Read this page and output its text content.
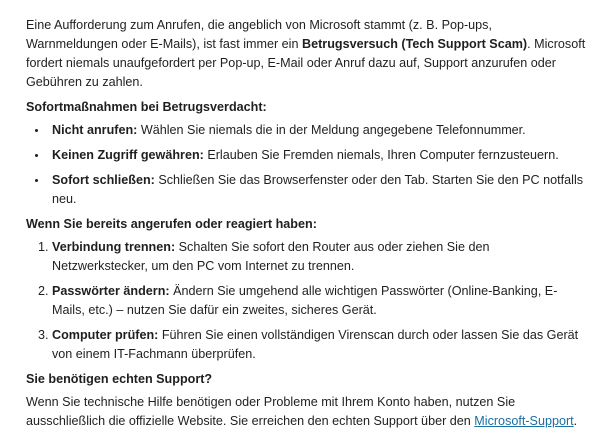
Eine Aufforderung zum Anrufen, die angeblich von Microsoft stammt (z. B. Pop-ups, Warnmeldungen oder E-Mails), ist fast immer ein Betrugsversuch (Tech Support Scam). Microsoft fordert niemals unaufgefordert per Pop-up, E-Mail oder Anruf dazu auf, Support anzurufen oder Gebühren zu zahlen.

Sofortmaßnahmen bei Betrugsverdacht:

Nicht anrufen: Wählen Sie niemals die in der Meldung angegebene Telefonnummer.
Keinen Zugriff gewähren: Erlauben Sie Fremden niemals, Ihren Computer fernzusteuern.
Sofort schließen: Schließen Sie das Browserfenster oder den Tab. Starten Sie den PC notfalls neu.

Wenn Sie bereits angerufen oder reagiert haben:

1. Verbindung trennen: Schalten Sie sofort den Router aus oder ziehen Sie den Netzwerkstecker, um den PC vom Internet zu trennen.
2. Passwörter ändern: Ändern Sie umgehend alle wichtigen Passwörter (Online-Banking, E-Mails, etc.) – nutzen Sie dafür ein zweites, sicheres Gerät.
3. Computer prüfen: Führen Sie einen vollständigen Virenscan durch oder lassen Sie das Gerät von einem IT-Fachmann überprüfen.

Sie benötigen echten Support?

Wenn Sie technische Hilfe benötigen oder Probleme mit Ihrem Konto haben, nutzen Sie ausschließlich die offizielle Website. Sie erreichen den echten Support über den Microsoft-Support.
